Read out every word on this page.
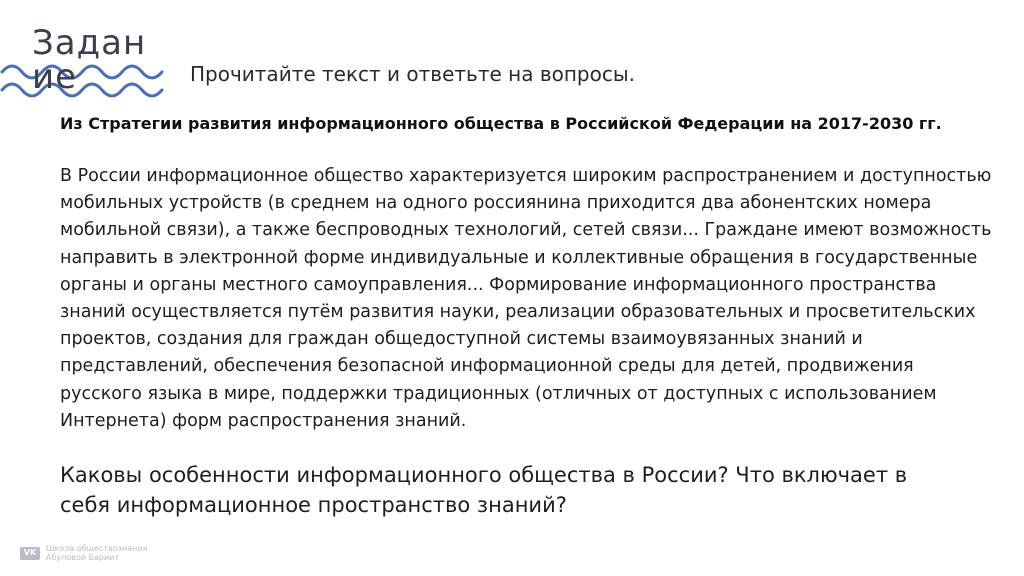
Задание	Прочитайте текст и ответьте на вопросы.
Из Стратегии развития информационного общества в Российской Федерации на 2017-2030 гг.
В России информационное общество характеризуется широким распространением и доступностью мобильных устройств (в среднем на одного россиянина приходится два абонентских номера мобильной связи), а также беспроводных технологий, сетей связи... Граждане имеют возможность направить в электронной форме индивидуальные и коллективные обращения в государственные органы и органы местного самоуправления... Формирование информационного пространства знаний осуществляется путём развития науки, реализации образовательных и просветительских проектов, создания для граждан общедоступной системы взаимоувязанных знаний и представлений, обеспечения безопасной информационной среды для детей, продвижения русского языка в мире, поддержки традиционных (отличных от доступных с использованием Интернета) форм распространения знаний.
Каковы особенности информационного общества в России? Что включает в себя информационное пространство знаний?
VK	Школа обществознания
Абуловой Бариит
